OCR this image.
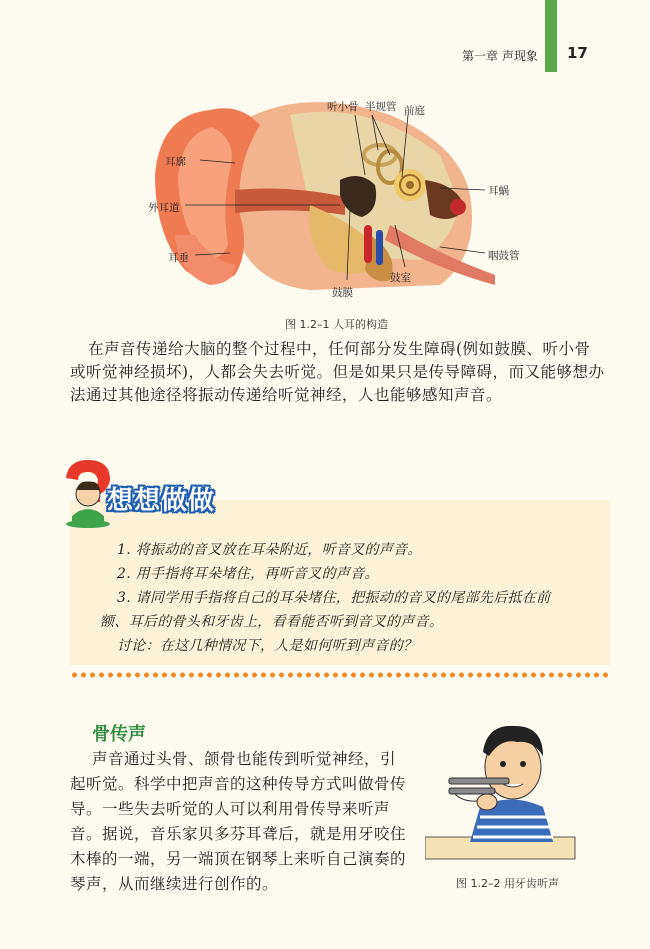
第一章 声现象 17
听小骨 半规管 前庭
耳廓
外耳道
耳蜗
耳垂	咽鼓管
鼓室
鼓膜
图 1.2–1 人耳的构造
在声音传递给大脑的整个过程中，任何部分发生障碍(例如鼓膜、听小骨
或听觉神经损坏)，人都会失去听觉。但是如果只是传导障碍，而又能够想办
法通过其他途径将振动传递给听觉神经，人也能够感知声音。
想想做做
1. 将振动的音叉放在耳朵附近，听音叉的声音。
2. 用手指将耳朵堵住，再听音叉的声音。
3. 请同学用手指将自己的耳朵堵住，把振动的音叉的尾部先后抵在前
额、耳后的骨头和牙齿上，看看能否听到音叉的声音。
讨论：在这几种情况下，人是如何听到声音的？
骨传声
声音通过头骨、颌骨也能传到听觉神经，引
起听觉。科学中把声音的这种传导方式叫做骨传
导。一些失去听觉的人可以利用骨传导来听声
音。据说，音乐家贝多芬耳聋后，就是用牙咬住
木棒的一端，另一端顶在钢琴上来听自己演奏的
琴声，从而继续进行创作的。	图 1.2–2 用牙齿听声
